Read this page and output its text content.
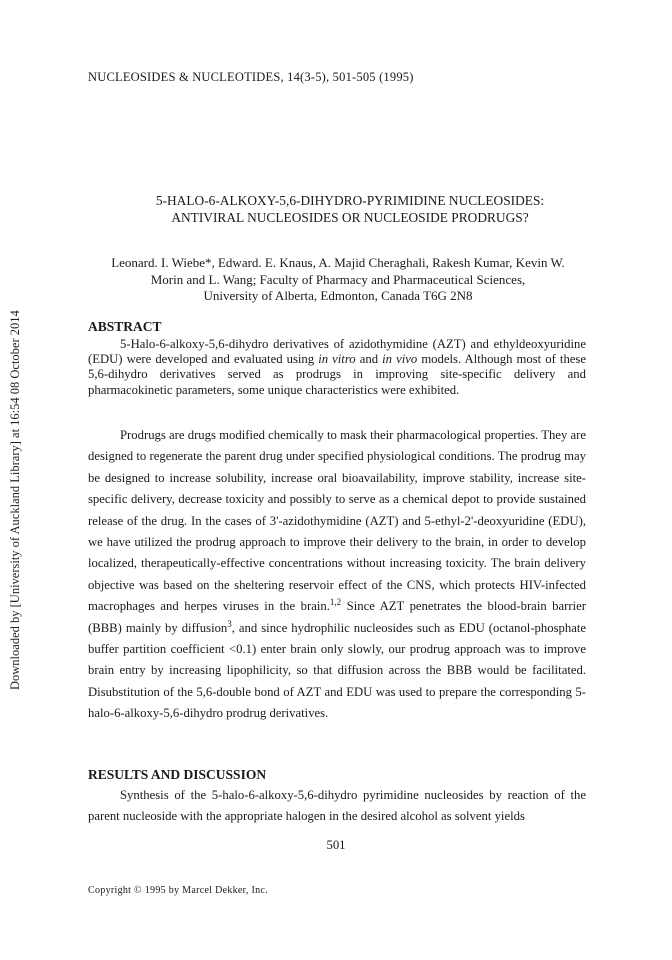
NUCLEOSIDES & NUCLEOTIDES, 14(3-5), 501-505 (1995)
Downloaded by [University of Auckland Library] at 16:54 08 October 2014
5-HALO-6-ALKOXY-5,6-DIHYDRO-PYRIMIDINE NUCLEOSIDES:
ANTIVIRAL NUCLEOSIDES OR NUCLEOSIDE PRODRUGS?
Leonard. I. Wiebe*, Edward. E. Knaus, A. Majid Cheraghali, Rakesh Kumar, Kevin W.
Morin and L. Wang; Faculty of Pharmacy and Pharmaceutical Sciences,
University of Alberta, Edmonton, Canada T6G 2N8
ABSTRACT

5-Halo-6-alkoxy-5,6-dihydro derivatives of azidothymidine (AZT) and ethyldeoxyuridine (EDU) were developed and evaluated using in vitro and in vivo models. Although most of these 5,6-dihydro derivatives served as prodrugs in improving site-specific delivery and pharmacokinetic parameters, some unique characteristics were exhibited.

Prodrugs are drugs modified chemically to mask their pharmacological properties. They are designed to regenerate the parent drug under specified physiological conditions. The prodrug may be designed to increase solubility, increase oral bioavailability, improve stability, increase site-specific delivery, decrease toxicity and possibly to serve as a chemical depot to provide sustained release of the drug. In the cases of 3'-azidothymidine (AZT) and 5-ethyl-2'-deoxyuridine (EDU), we have utilized the prodrug approach to improve their delivery to the brain, in order to develop localized, therapeutically-effective concentrations without increasing toxicity. The brain delivery objective was based on the sheltering reservoir effect of the CNS, which protects HIV-infected macrophages and herpes viruses in the brain.$^{1,2}$ Since AZT penetrates the blood-brain barrier (BBB) mainly by diffusion$^3$, and since hydrophilic nucleosides such as EDU (octanol-phosphate buffer partition coefficient <0.1) enter brain only slowly, our prodrug approach was to improve brain entry by increasing lipophilicity, so that diffusion across the BBB would be facilitated. Disubstitution of the 5,6-double bond of AZT and EDU was used to prepare the corresponding 5-halo-6-alkoxy-5,6-dihydro prodrug derivatives.

RESULTS AND DISCUSSION

Synthesis of the 5-halo-6-alkoxy-5,6-dihydro pyrimidine nucleosides by reaction of the parent nucleoside with the appropriate halogen in the desired alcohol as solvent yields

501
Copyright © 1995 by Marcel Dekker, Inc.
